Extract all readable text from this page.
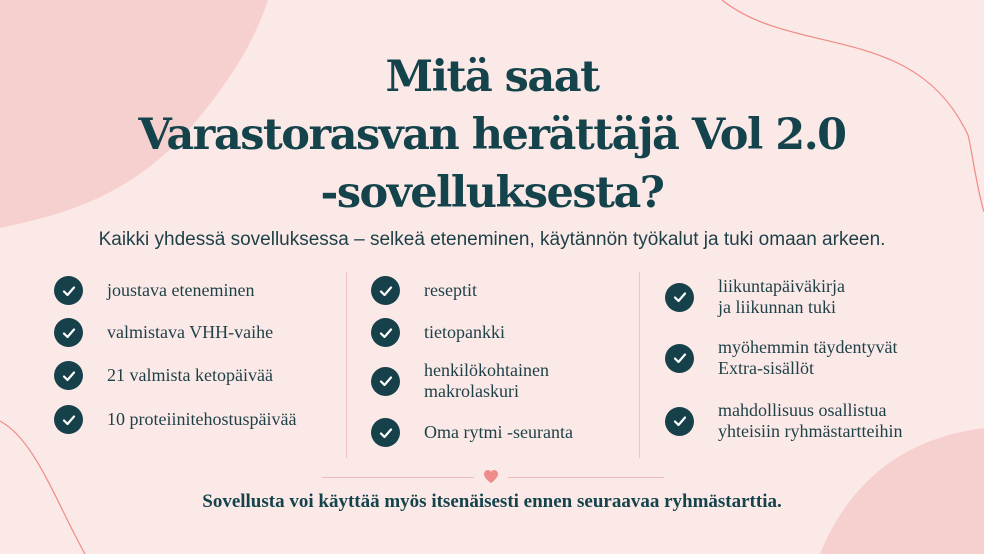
Mitä saat
Varastorasvan herättäjä Vol 2.0
-sovelluksesta?
Kaikki yhdessä sovelluksessa – selkeä eteneminen, käytännön työkalut ja tuki omaan arkeen.
joustava eteneminen
valmistava VHH-vaihe
21 valmista ketopäivää
10 proteiinitehostuspäivää
reseptit
tietopankki
henkilökohtainen
makrolaskuri
Oma rytmi -seuranta
liikuntapäiväkirja
ja liikunnan tuki
myöhemmin täydentyvät
Extra-sisällöt
mahdollisuus osallistua
yhteisiin ryhmästartteihin
Sovellusta voi käyttää myös itsenäisesti ennen seuraavaa ryhmästarttia.
